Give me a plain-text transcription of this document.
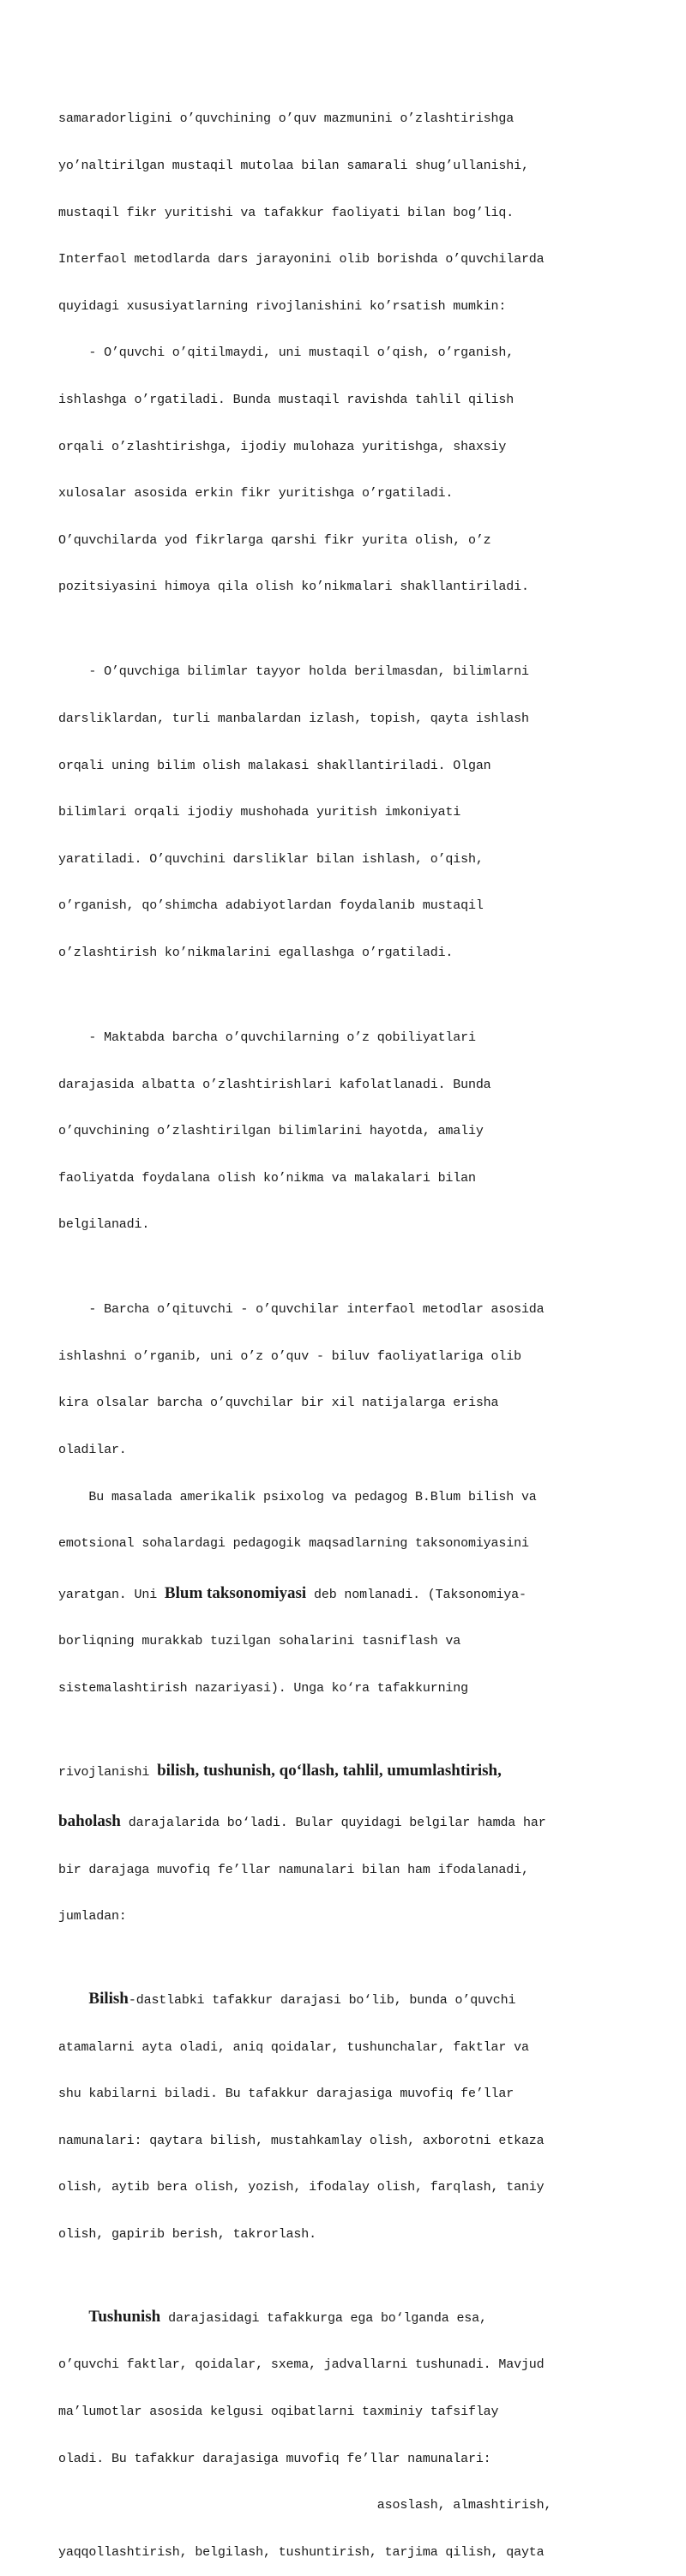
samaradorligini o’quvchining o’quv mazmunini o’zlashtirishga

yo’naltirilgan mustaqil mutolaa bilan samarali shug’ullanishi,

mustaqil fikr yuritishi va tafakkur faoliyati bilan bog’liq.

Interfaol metodlarda dars jarayonini olib borishda o’quvchilarda

quyidagi xususiyatlarning rivojlanishini ko’rsatish mumkin:

- O’quvchi o’qitilmaydi, uni mustaqil o’qish, o’rganish,

ishlashga o’rgatiladi. Bunda mustaqil ravishda tahlil qilish

orqali o’zlashtirishga, ijodiy mulohaza yuritishga, shaxsiy

xulosalar asosida erkin fikr yuritishga o’rgatiladi.

O’quvchilarda yod fikrlarga qarshi fikr yurita olish, o’z

pozitsiyasini himoya qila olish ko’nikmalari shakllantiriladi.

- O’quvchiga bilimlar tayyor holda berilmasdan, bilimlarni

darsliklardan, turli manbalardan izlash, topish, qayta ishlash

orqali uning bilim olish malakasi shakllantiriladi. Olgan

bilimlari orqali ijodiy mushohada yuritish imkoniyati

yaratiladi. O’quvchini darsliklar bilan ishlash, o’qish,

o’rganish, qo’shimcha adabiyotlardan foydalanib mustaqil

o’zlashtirish ko’nikmalarini egallashga o’rgatiladi.

- Maktabda barcha o’quvchilarning o’z qobiliyatlari

darajasida albatta o’zlashtirishlari kafolatlanadi. Bunda

o’quvchining o’zlashtirilgan bilimlarini hayotda, amaliy

faoliyatda foydalana olish ko’nikma va malakalari bilan

belgilanadi.

- Barcha o’qituvchi - o’quvchilar interfaol metodlar asosida

ishlashni o’rganib, uni o’z o’quv - biluv faoliyatlariga olib

kira olsalar barcha o’quvchilar bir xil natijalarga erisha

oladilar.

Bu masalada amerikalik psixolog va pedagog B.Blum bilish va

emotsional sohalardagi pedagogik maqsadlarning taksonomiyasini

yaratgan. Uni Blum taksonomiyasi deb nomlanadi. (Taksonomiya-

borliqning murakkab tuzilgan sohalarini tasniflash va

sistemalashtirish nazariyasi). Unga ko‘ra tafakkurning

rivojlanishi bilish, tushunish, qo‘llash, tahlil, umumlashtirish,

baholash darajalarida bo‘ladi. Bular quyidagi belgilar hamda har

bir darajaga muvofiq fe’llar namunalari bilan ham ifodalanadi,

jumladan:

Bilish-dastlabki tafakkur darajasi bo‘lib, bunda o’quvchi

atamalarni ayta oladi, aniq qoidalar, tushunchalar, faktlar va

shu kabilarni biladi. Bu tafakkur darajasiga muvofiq fe’llar

namunalari: qaytara bilish, mustahkamlay olish, axborotni etkaza

olish, aytib bera olish, yozish, ifodalay olish, farqlash, taniy

olish, gapirib berish, takrorlash.

Tushunish darajasidagi tafakkurga ega bo‘lganda esa,

o’quvchi faktlar, qoidalar, sxema, jadvallarni tushunadi. Mavjud

ma’lumotlar asosida kelgusi oqibatlarni taxminiy tafsiflay

oladi. Bu tafakkur darajasiga muvofiq fe’llar namunalari:

asoslash, almashtirish,

yaqqollashtirish, belgilash, tushuntirish, tarjima qilish, qayta
